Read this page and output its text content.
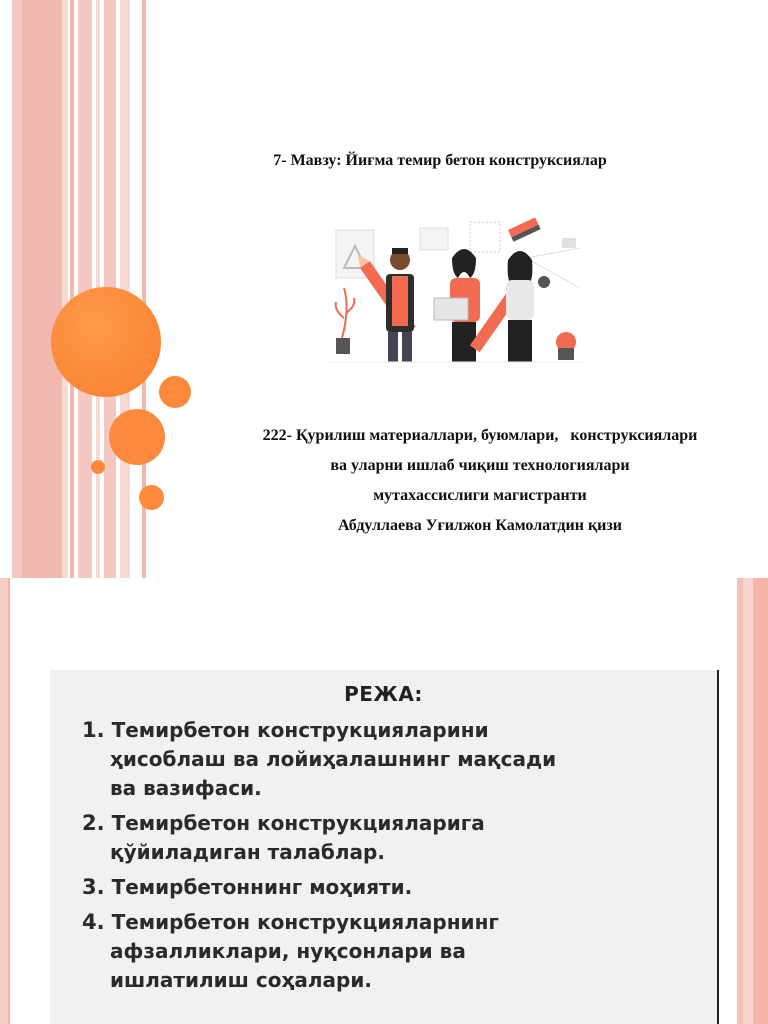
7- Мавзу: Йиғма темир бетон конструксиялар
222- Қурилиш материаллари, буюмлари,   конструксиялари
ва уларни ишлаб чиқиш технологиялари
мутахассислиги магистранти
Абдуллаева Уғилжон Камолатдин қизи
РЕЖА:
1. Темирбетон конструкцияларини
ҳисоблаш ва лойиҳалашнинг мақсади
ва вазифаси.
2. Темирбетон конструкцияларига
қўйиладиган талаблар.
3. Темирбетоннинг моҳияти.
4. Темирбетон конструкцияларнинг
афзалликлари, нуқсонлари ва
ишлатилиш соҳалари.
